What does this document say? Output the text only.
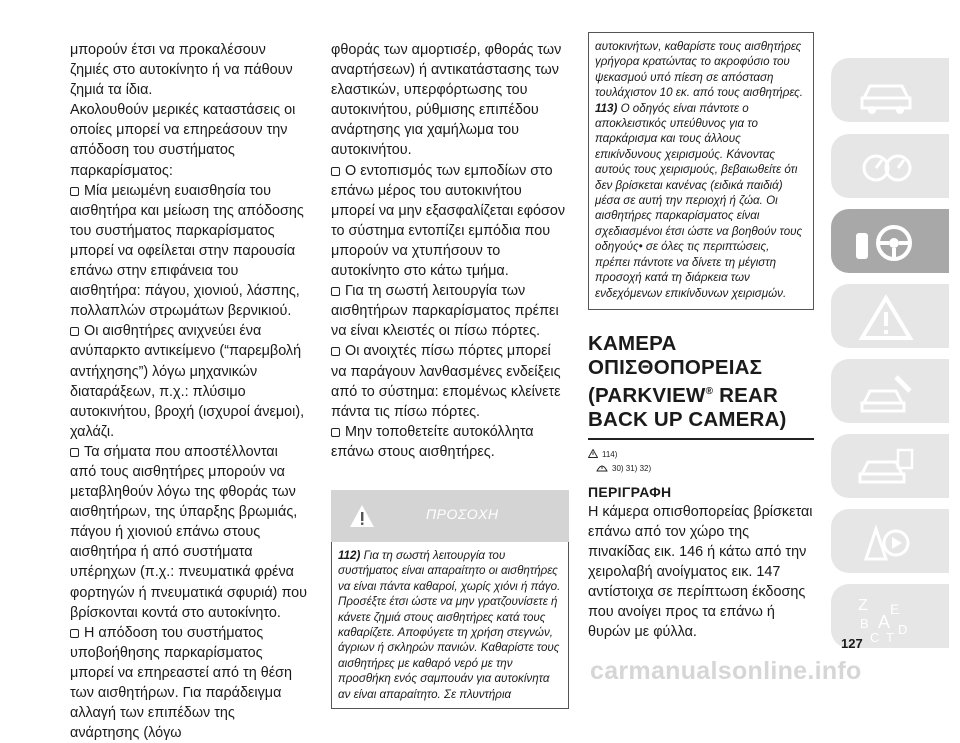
μπορούν έτσι να προκαλέσουν ζημιές στο αυτοκίνητο ή να πάθουν ζημιά τα ίδια.

Ακολουθούν μερικές καταστάσεις οι οποίες μπορεί να επηρεάσουν την απόδοση του συστήματος παρκαρίσματος:

Μία μειωμένη ευαισθησία του αισθητήρα και μείωση της απόδοσης του συστήματος παρκαρίσματος μπορεί να οφείλεται στην παρουσία επάνω στην επιφάνεια του αισθητήρα: πάγου, χιονιού, λάσπης, πολλαπλών στρωμάτων βερνικιού.

Οι αισθητήρες ανιχνεύει ένα ανύπαρκτο αντικείμενο (“παρεμβολή αντήχησης”) λόγω μηχανικών διαταράξεων, π.χ.: πλύσιμο αυτοκινήτου, βροχή (ισχυροί άνεμοι), χαλάζι.

Τα σήματα που αποστέλλονται από τους αισθητήρες μπορούν να μεταβληθούν λόγω της φθοράς των αισθητήρων, της ύπαρξης βρωμιάς, πάγου ή χιονιού επάνω στους αισθητήρα ή από συστήματα υπέρηχων (π.χ.: πνευματικά φρένα φορτηγών ή πνευματικά σφυριά) που βρίσκονται κοντά στο αυτοκίνητο.

Η απόδοση του συστήματος υποβοήθησης παρκαρίσματος μπορεί να επηρεαστεί από τη θέση των αισθητήρων. Για παράδειγμα αλλαγή των επιπέδων της ανάρτησης (λόγω

φθοράς των αμορτισέρ, φθοράς των αναρτήσεων) ή αντικατάστασης των ελαστικών, υπερφόρτωσης του αυτοκινήτου, ρύθμισης επιπέδου ανάρτησης για χαμήλωμα του αυτοκινήτου.

Ο εντοπισμός των εμποδίων στο επάνω μέρος του αυτοκινήτου μπορεί να μην εξασφαλίζεται εφόσον το σύστημα εντοπίζει εμπόδια που μπορούν να χτυπήσουν το αυτοκίνητο στο κάτω τμήμα.

Για τη σωστή λειτουργία των αισθητήρων παρκαρίσματος πρέπει να είναι κλειστές οι πίσω πόρτες.

Οι ανοιχτές πίσω πόρτες μπορεί να παράγουν λανθασμένες ενδείξεις από το σύστημα: επομένως κλείνετε πάντα τις πίσω πόρτες.

Μην τοποθετείτε αυτοκόλλητα επάνω στους αισθητήρες.

ΠΡΟΣΟΧΗ
112) Για τη σωστή λειτουργία του συστήματος είναι απαραίτητο οι αισθητήρες να είναι πάντα καθαροί, χωρίς χιόνι ή πάγο. Προσέξτε έτσι ώστε να μην γρατζουνίσετε ή κάνετε ζημιά στους αισθητήρες κατά τους καθαρίζετε. Αποφύγετε τη χρήση στεγνών, άγριων ή σκληρών πανιών. Καθαρίστε τους αισθητήρες με καθαρό νερό με την προσθήκη ενός σαμπουάν για αυτοκίνητα αν είναι απαραίτητο. Σε πλυντήρια
αυτοκινήτων, καθαρίστε τους αισθητήρες γρήγορα κρατώντας το ακροφύσιο του ψεκασμού υπό πίεση σε απόσταση τουλάχιστον 10 εκ. από τους αισθητήρες.
113) Ο οδηγός είναι πάντοτε ο αποκλειστικός υπεύθυνος για το παρκάρισμα και τους άλλους επικίνδυνους χειρισμούς. Κάνοντας αυτούς τους χειρισμούς, βεβαιωθείτε ότι δεν βρίσκεται κανένας (ειδικά παιδιά) μέσα σε αυτή την περιοχή ή ζώα. Οι αισθητήρες παρκαρίσματος είναι σχεδιασμένοι έτσι ώστε να βοηθούν τους οδηγούς• σε όλες τις περιπτώσεις, πρέπει πάντοτε να δίνετε τη μέγιστη προσοχή κατά τη διάρκεια των ενδεχόμενων επικίνδυνων χειρισμών.
ΚΑΜΕΡΑ ΟΠΙΣΘΟΠΟΡΕΙΑΣ (PARKVIEW® REAR BACK UP CAMERA)
114)
30) 31) 32)
ΠΕΡΙΓΡΑΦΗ

Η κάμερα οπισθοπορείας βρίσκεται επάνω από τον χώρο της πινακίδας εικ. 146 ή κάτω από την χειρολαβή ανοίγματος εικ. 147 αντίστοιχα σε περίπτωση έκδοσης που ανοίγει προς τα επάνω ή θυρών με φύλλα.

Z E
B A
C T
D
127
carmanualsonline.info
